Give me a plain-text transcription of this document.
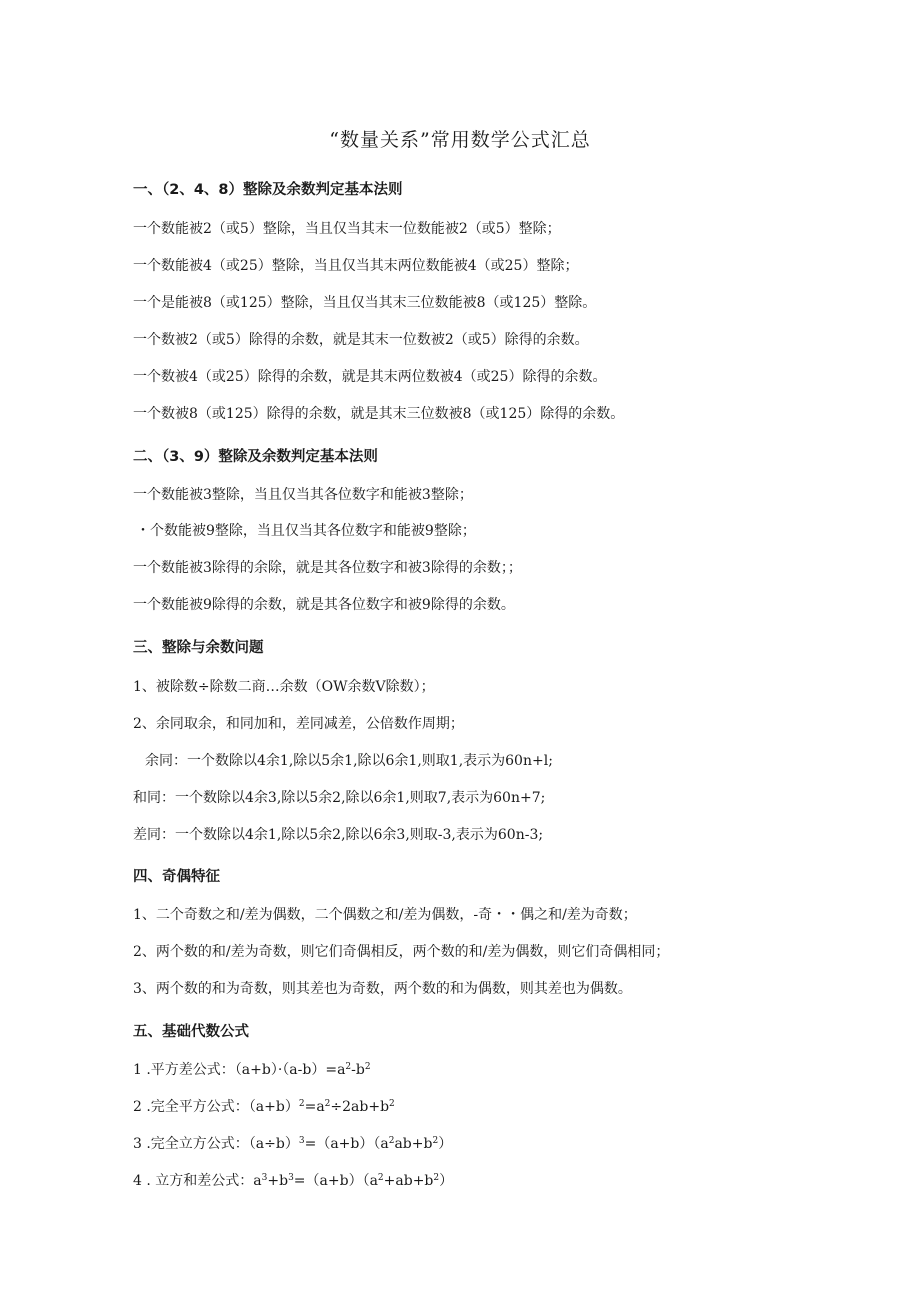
“数量关系”常用数学公式汇总
一、（2、4、8）整除及余数判定基本法则
一个数能被2（或5）整除，当且仅当其末一位数能被2（或5）整除；
一个数能被4（或25）整除，当且仅当其末两位数能被4（或25）整除；
一个是能被8（或125）整除，当且仅当其末三位数能被8（或125）整除。
一个数被2（或5）除得的余数，就是其末一位数被2（或5）除得的余数。
一个数被4（或25）除得的余数，就是其末两位数被4（或25）除得的余数。
一个数被8（或125）除得的余数，就是其末三位数被8（或125）除得的余数。
二、（3、9）整除及余数判定基本法则
一个数能被3整除，当且仅当其各位数字和能被3整除；
・个数能被9整除，当且仅当其各位数字和能被9整除；
一个数能被3除得的余除，就是其各位数字和被3除得的余数；；
一个数能被9除得的余数，就是其各位数字和被9除得的余数。
三、整除与余数问题
1、被除数÷除数二商…余数（OW余数V除数）；
2、余同取余，和同加和，差同减差，公倍数作周期；
余同：一个数除以4余1,除以5余1,除以6余1,则取1,表示为60n+l;
和同：一个数除以4余3,除以5余2,除以6余1,则取7,表示为60n+7;
差同：一个数除以4余1,除以5余2,除以6余3,则取-3,表示为60n-3;
四、奇偶特征
1、二个奇数之和/差为偶数，二个偶数之和/差为偶数，-奇・・偶之和/差为奇数；
2、两个数的和/差为奇数，则它们奇偶相反，两个数的和/差为偶数，则它们奇偶相同；
3、两个数的和为奇数，则其差也为奇数，两个数的和为偶数，则其差也为偶数。
五、基础代数公式
1 .平方差公式：$(a+b)\cdot(a-b)=a^2-b^2$
2 .完全平方公式：$(a+b)^2=a^2\div 2ab+b^2$
3 .完全立方公式：$(a\div b)^3=(a+b)(a^2ab+b^2)$
4 . 立方和差公式：$a^3+b^3=(a+b)(a^2+ab+b^2)$
